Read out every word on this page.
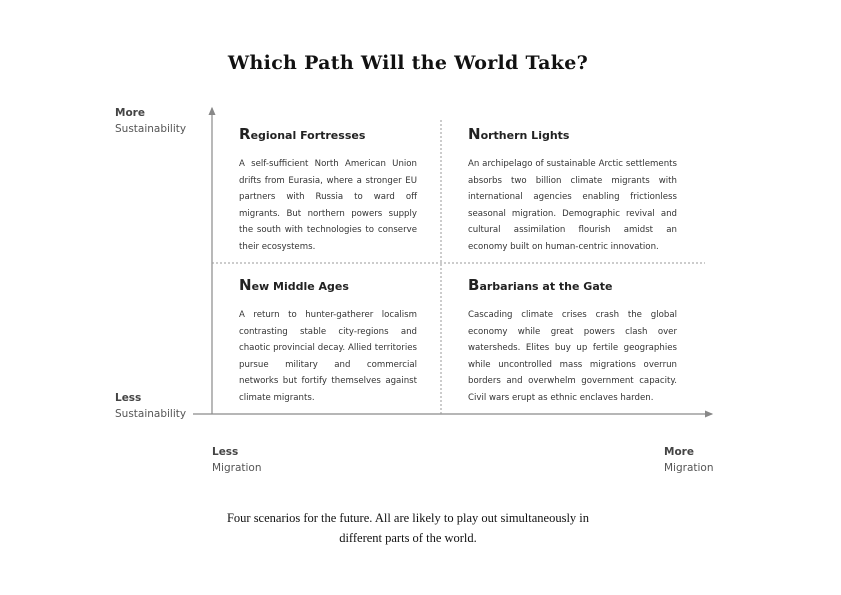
Which Path Will the World Take?
More
Sustainability
Less
Sustainability
Less
Migration
More
Migration
Regional Fortresses

A self-sufficient North American Union drifts from Eurasia, where a stronger EU partners with Russia to ward off migrants. But northern powers supply the south with technologies to conserve their ecosystems.

Northern Lights

An archipelago of sustainable Arctic settlements absorbs two billion climate migrants with international agencies enabling frictionless seasonal migration. Demographic revival and cultural assimilation flourish amidst an economy built on human-centric innovation.

New Middle Ages

A return to hunter-gatherer localism contrasting stable city-regions and chaotic provincial decay. Allied territories pursue military and commercial networks but fortify themselves against climate migrants.

Barbarians at the Gate

Cascading climate crises crash the global economy while great powers clash over watersheds. Elites buy up fertile geographies while uncontrolled mass migrations overrun borders and overwhelm government capacity. Civil wars erupt as ethnic enclaves harden.

Four scenarios for the future. All are likely to play out simultaneously in different parts of the world.
